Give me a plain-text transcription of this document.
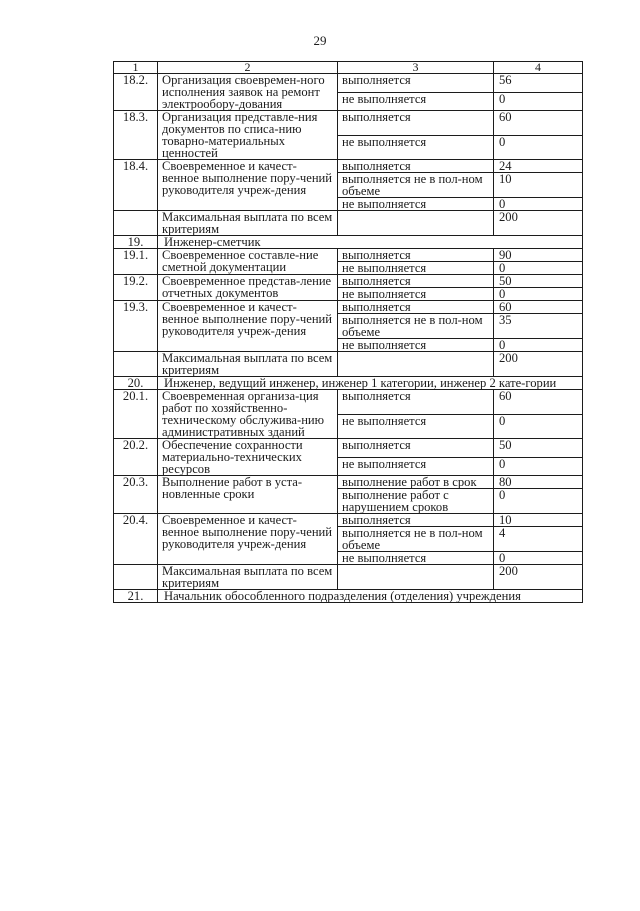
29
1	2	3	4
18.2.	Организация своевремен-ного исполнения заявок на ремонт электрообору-дования	выполняется	56
		не выполняется	0
18.3.	Организация представле-ния документов по списа-нию товарно-материальных ценностей	выполняется	60
		не выполняется	0
18.4.	Своевременное и качест-венное выполнение пору-чений руководителя учреж-дения	выполняется	24
		выполняется не в пол-ном объеме	10
		не выполняется	0
	Максимальная выплата по всем критериям		200
19.	Инженер-сметчик		
19.1.	Своевременное составле-ние сметной документации	выполняется	90
		не выполняется	0
19.2.	Своевременное представ-ление отчетных документов	выполняется	50
		не выполняется	0
19.3.	Своевременное и качест-венное выполнение пору-чений руководителя учреж-дения	выполняется	60
		выполняется не в пол-ном объеме	35
		не выполняется	0
	Максимальная выплата по всем критериям		200
20.	Инженер, ведущий инженер, инженер 1 категории, инженер 2 кате-гории		
20.1.	Своевременная организа-ция работ по хозяйственно-техническому обслужива-нию административных зданий	выполняется	60
		не выполняется	0
20.2.	Обеспечение сохранности материально-технических ресурсов	выполняется	50
		не выполняется	0
20.3.	Выполнение работ в уста-новленные сроки	выполнение работ в срок	80
		выполнение работ с нарушением сроков	0
20.4.	Своевременное и качест-венное выполнение пору-чений руководителя учреж-дения	выполняется	10
		выполняется не в пол-ном объеме	4
		не выполняется	0
	Максимальная выплата по всем критериям		200
21.	Начальник обособленного подразделения (отделения) учреждения		
